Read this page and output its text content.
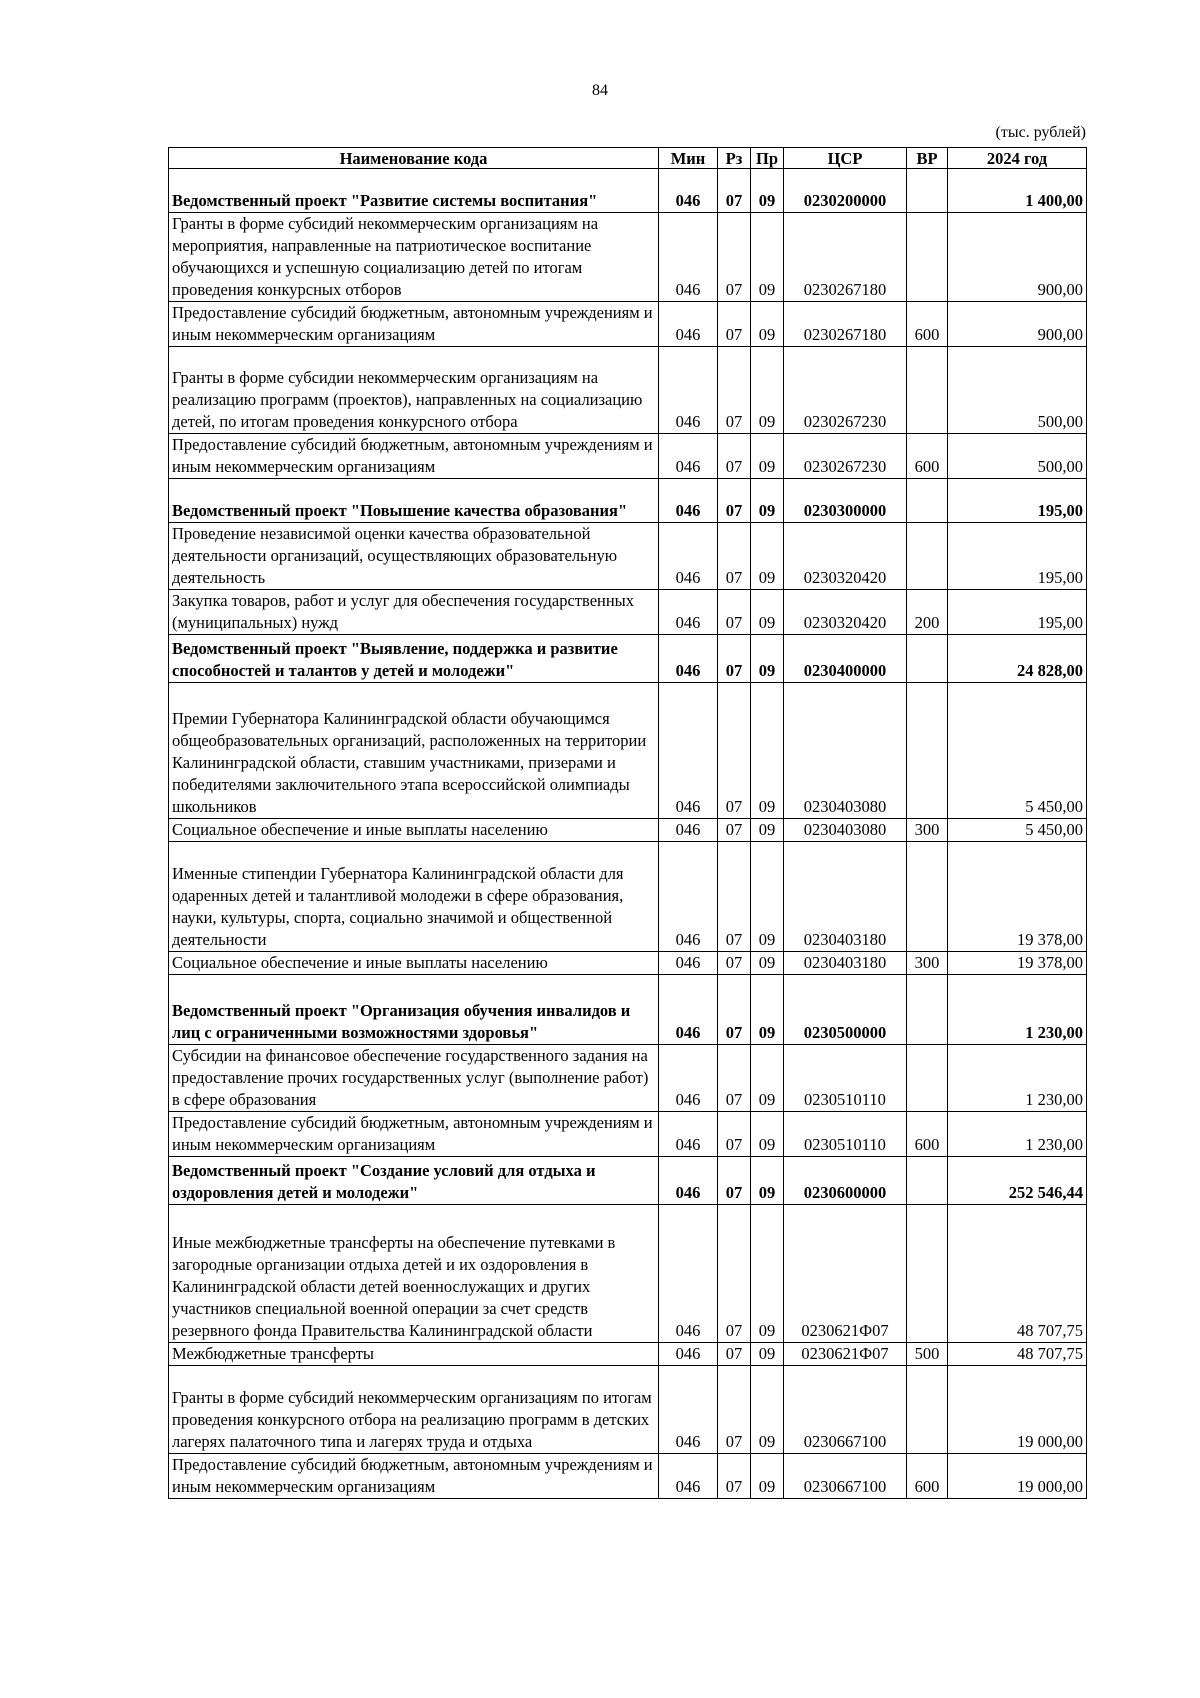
84
(тыс. рублей)
Наименование кода	Мин	Рз	Пр	ЦСР	ВР	2024 год
Ведомственный проект "Развитие системы воспитания"	046	07	09	0230200000		1 400,00
Гранты в форме субсидий некоммерческим организациям на мероприятия, направленные на патриотическое воспитание обучающихся и успешную социализацию детей по итогам проведения конкурсных отборов	046	07	09	0230267180		900,00
Предоставление субсидий бюджетным, автономным учреждениям и иным некоммерческим организациям	046	07	09	0230267180	600	900,00
Гранты в форме субсидии некоммерческим организациям на реализацию программ (проектов), направленных на социализацию детей, по итогам проведения конкурсного отбора	046	07	09	0230267230		500,00
Предоставление субсидий бюджетным, автономным учреждениям и иным некоммерческим организациям	046	07	09	0230267230	600	500,00
Ведомственный проект "Повышение качества образования"	046	07	09	0230300000		195,00
Проведение независимой оценки качества образовательной деятельности организаций, осуществляющих образовательную деятельность	046	07	09	0230320420		195,00
Закупка товаров, работ и услуг для обеспечения государственных (муниципальных) нужд	046	07	09	0230320420	200	195,00
Ведомственный проект "Выявление, поддержка и развитие способностей и талантов у детей и молодежи"	046	07	09	0230400000		24 828,00
Премии Губернатора Калининградской области обучающимся общеобразовательных организаций, расположенных на территории Калининградской области, ставшим участниками, призерами и победителями заключительного этапа всероссийской олимпиады школьников	046	07	09	0230403080		5 450,00
Социальное обеспечение и иные выплаты населению	046	07	09	0230403080	300	5 450,00
Именные стипендии Губернатора Калининградской области для одаренных детей и талантливой молодежи в сфере образования, науки, культуры, спорта, социально значимой и общественной деятельности	046	07	09	0230403180		19 378,00
Социальное обеспечение и иные выплаты населению	046	07	09	0230403180	300	19 378,00
Ведомственный проект "Организация обучения инвалидов и лиц с ограниченными возможностями здоровья"	046	07	09	0230500000		1 230,00
Субсидии на финансовое обеспечение государственного задания на предоставление прочих государственных услуг (выполнение работ) в сфере образования	046	07	09	0230510110		1 230,00
Предоставление субсидий бюджетным, автономным учреждениям и иным некоммерческим организациям	046	07	09	0230510110	600	1 230,00
Ведомственный проект "Создание условий для отдыха и оздоровления детей и молодежи"	046	07	09	0230600000		252 546,44
Иные межбюджетные трансферты на обеспечение путевками в загородные организации отдыха детей и их оздоровления в Калининградской области детей военнослужащих и других участников специальной военной операции за счет средств резервного фонда Правительства Калининградской области	046	07	09	0230621Ф07		48 707,75
Межбюджетные трансферты	046	07	09	0230621Ф07	500	48 707,75
Гранты в форме субсидий некоммерческим организациям по итогам проведения конкурсного отбора на реализацию программ в детских лагерях палаточного типа и лагерях труда и отдыха	046	07	09	0230667100		19 000,00
Предоставление субсидий бюджетным, автономным учреждениям и иным некоммерческим организациям	046	07	09	0230667100	600	19 000,00
